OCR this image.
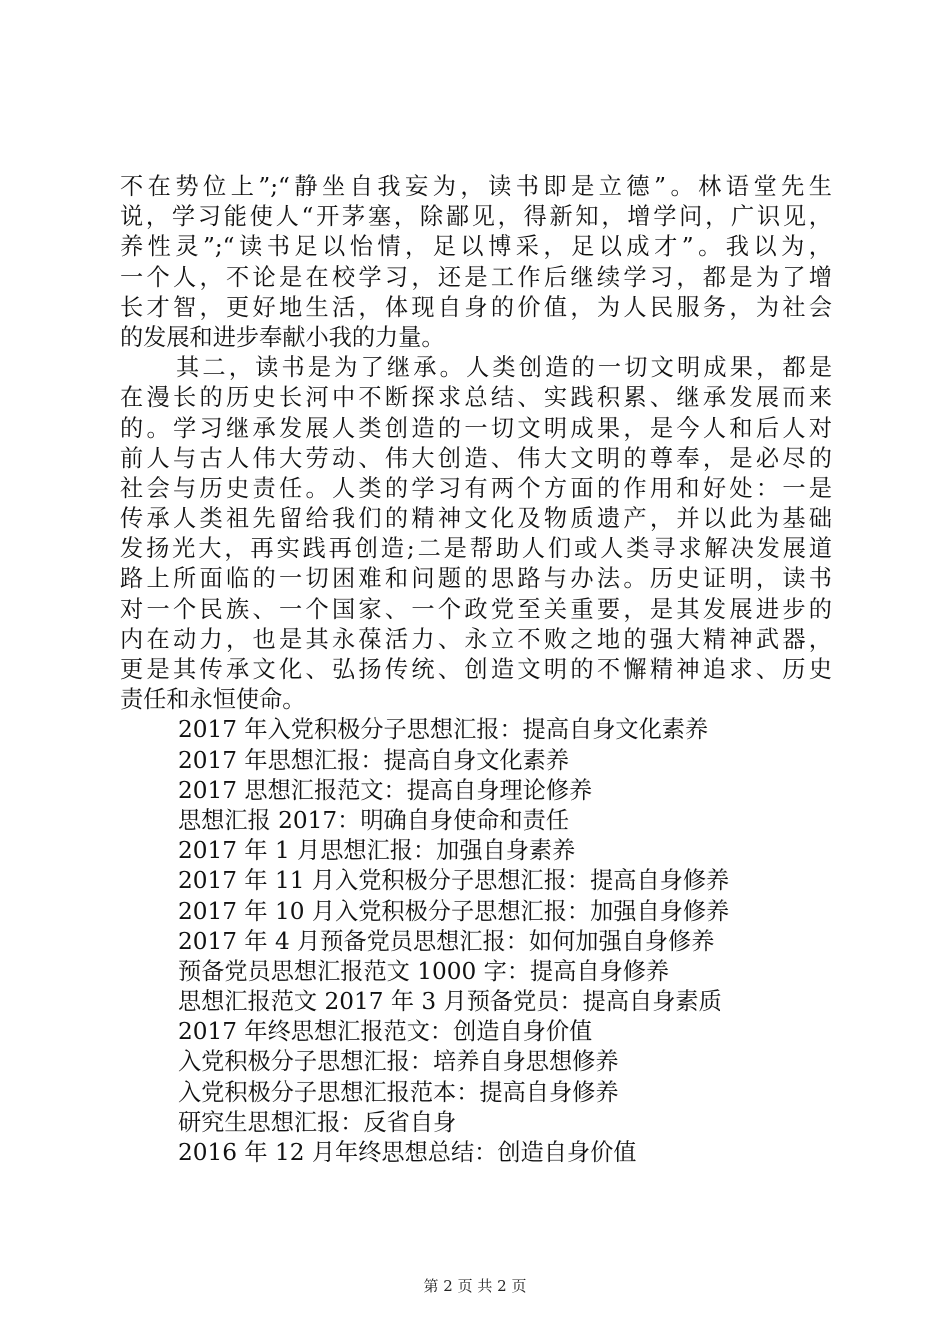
不在势位上”;“静坐自我妄为，读书即是立德”。林语堂先生
说，学习能使人“开茅塞，除鄙见，得新知，增学问，广识见，
养性灵”;“读书足以怡情，足以博采，足以成才”。我以为，
一个人，不论是在校学习，还是工作后继续学习，都是为了增
长才智，更好地生活，体现自身的价值，为人民服务，为社会
的发展和进步奉献小我的力量。
其二，读书是为了继承。人类创造的一切文明成果，都是
在漫长的历史长河中不断探求总结、实践积累、继承发展而来
的。学习继承发展人类创造的一切文明成果，是今人和后人对
前人与古人伟大劳动、伟大创造、伟大文明的尊奉，是必尽的
社会与历史责任。人类的学习有两个方面的作用和好处：一是
传承人类祖先留给我们的精神文化及物质遗产，并以此为基础
发扬光大，再实践再创造;二是帮助人们或人类寻求解决发展道
路上所面临的一切困难和问题的思路与办法。历史证明，读书
对一个民族、一个国家、一个政党至关重要，是其发展进步的
内在动力，也是其永葆活力、永立不败之地的强大精神武器，
更是其传承文化、弘扬传统、创造文明的不懈精神追求、历史
责任和永恒使命。
2017 年入党积极分子思想汇报：提高自身文化素养
2017 年思想汇报：提高自身文化素养
2017 思想汇报范文：提高自身理论修养
思想汇报 2017：明确自身使命和责任
2017 年 1 月思想汇报：加强自身素养
2017 年 11 月入党积极分子思想汇报：提高自身修养
2017 年 10 月入党积极分子思想汇报：加强自身修养
2017 年 4 月预备党员思想汇报：如何加强自身修养
预备党员思想汇报范文 1000 字：提高自身修养
思想汇报范文 2017 年 3 月预备党员：提高自身素质
2017 年终思想汇报范文：创造自身价值
入党积极分子思想汇报：培养自身思想修养
入党积极分子思想汇报范本：提高自身修养
研究生思想汇报：反省自身
2016 年 12 月年终思想总结：创造自身价值
第 2 页 共 2 页
